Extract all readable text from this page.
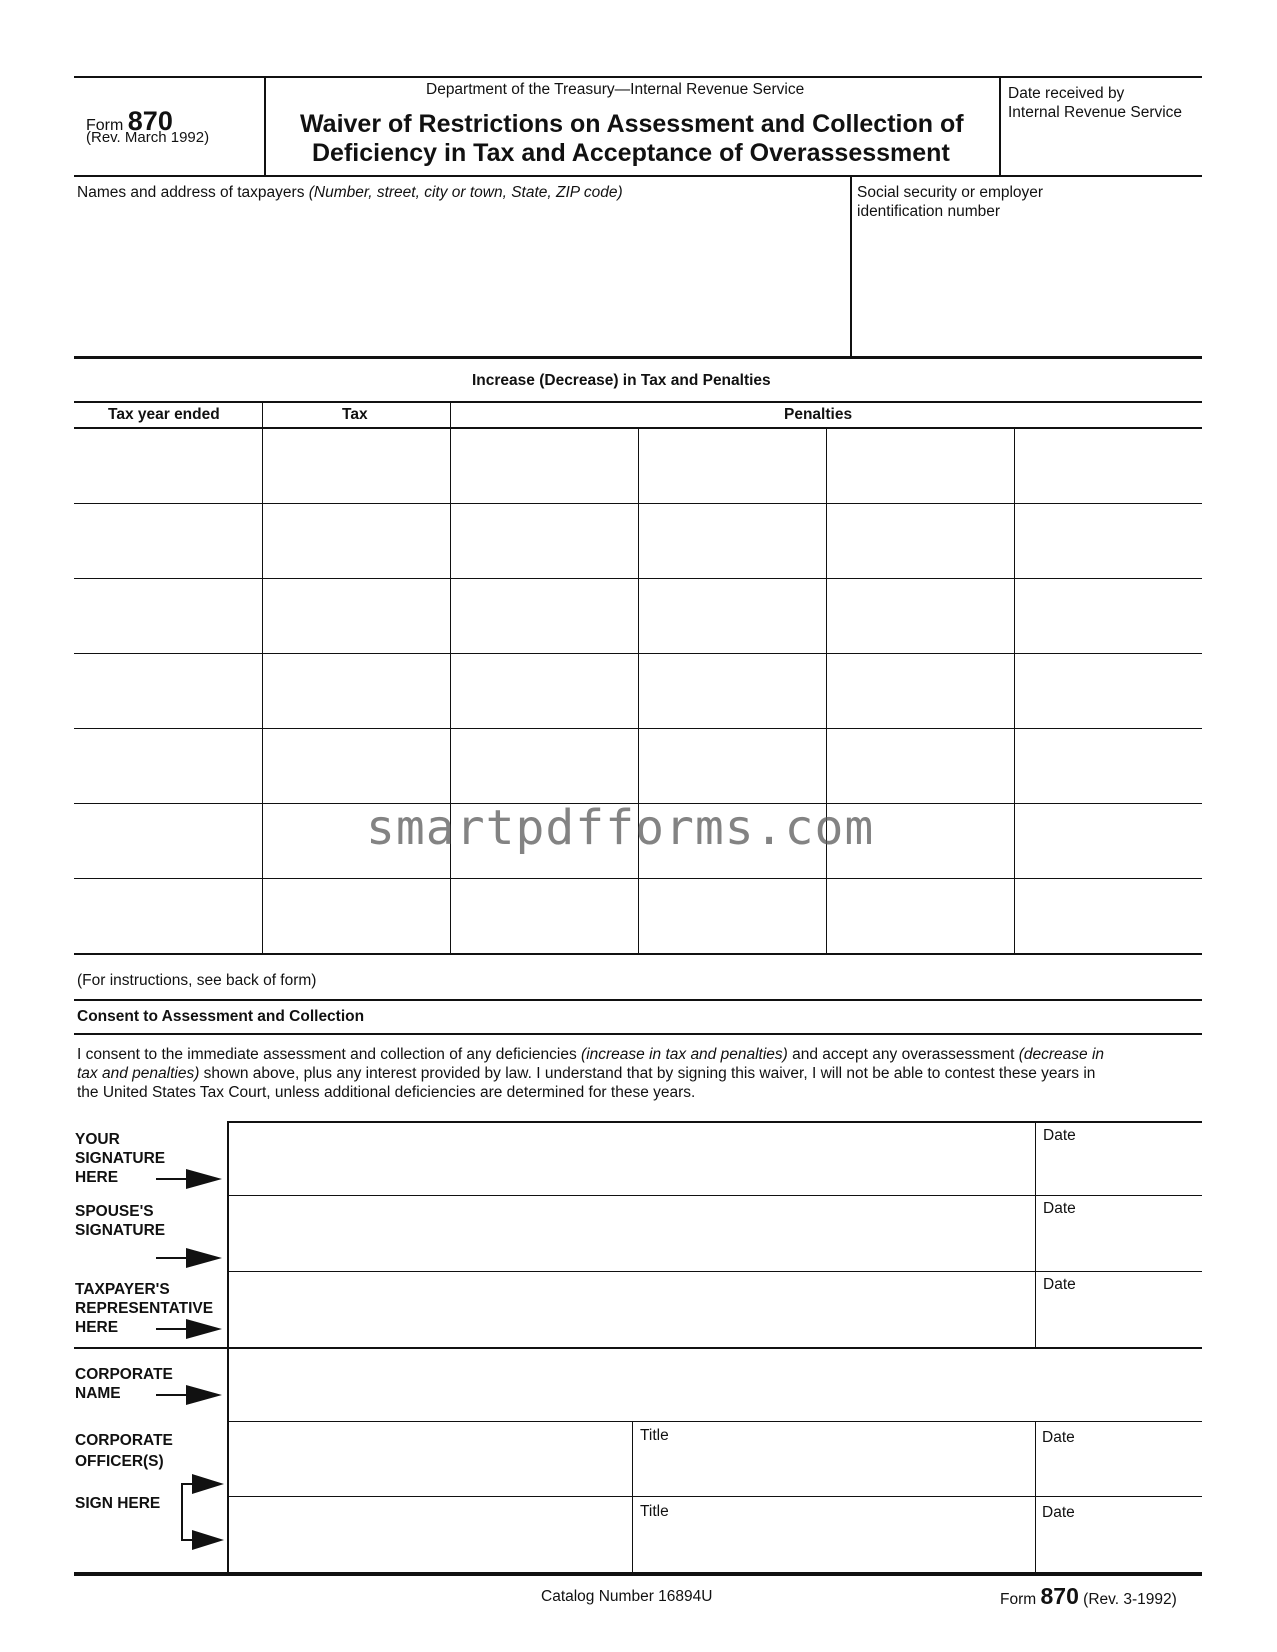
Form 870
(Rev. March 1992)
Department of the Treasury—Internal Revenue Service
Waiver of Restrictions on Assessment and Collection of
Deficiency in Tax and Acceptance of Overassessment
Date received by
Internal Revenue Service
Names and address of taxpayers (Number, street, city or town, State, ZIP code)	Social security or employer
identification number
Increase (Decrease) in Tax and Penalties
Tax year ended	Tax	Penalties
smartpdfforms.com
(For instructions, see back of form)
Consent to Assessment and Collection
I consent to the immediate assessment and collection of any deficiencies (increase in tax and penalties) and accept any overassessment (decrease in
tax and penalties) shown above, plus any interest provided by law. I understand that by signing this waiver, I will not be able to contest these years in
the United States Tax Court, unless additional deficiencies are determined for these years.
YOUR
SIGNATURE
HERE
Date
SPOUSE'S
SIGNATURE
Date
TAXPAYER'S
REPRESENTATIVE
HERE
Date
CORPORATE
NAME
CORPORATE
OFFICER(S)
SIGN HERE
Title	Date
Title	Date
Catalog Number 16894U	Form 870 (Rev. 3-1992)
